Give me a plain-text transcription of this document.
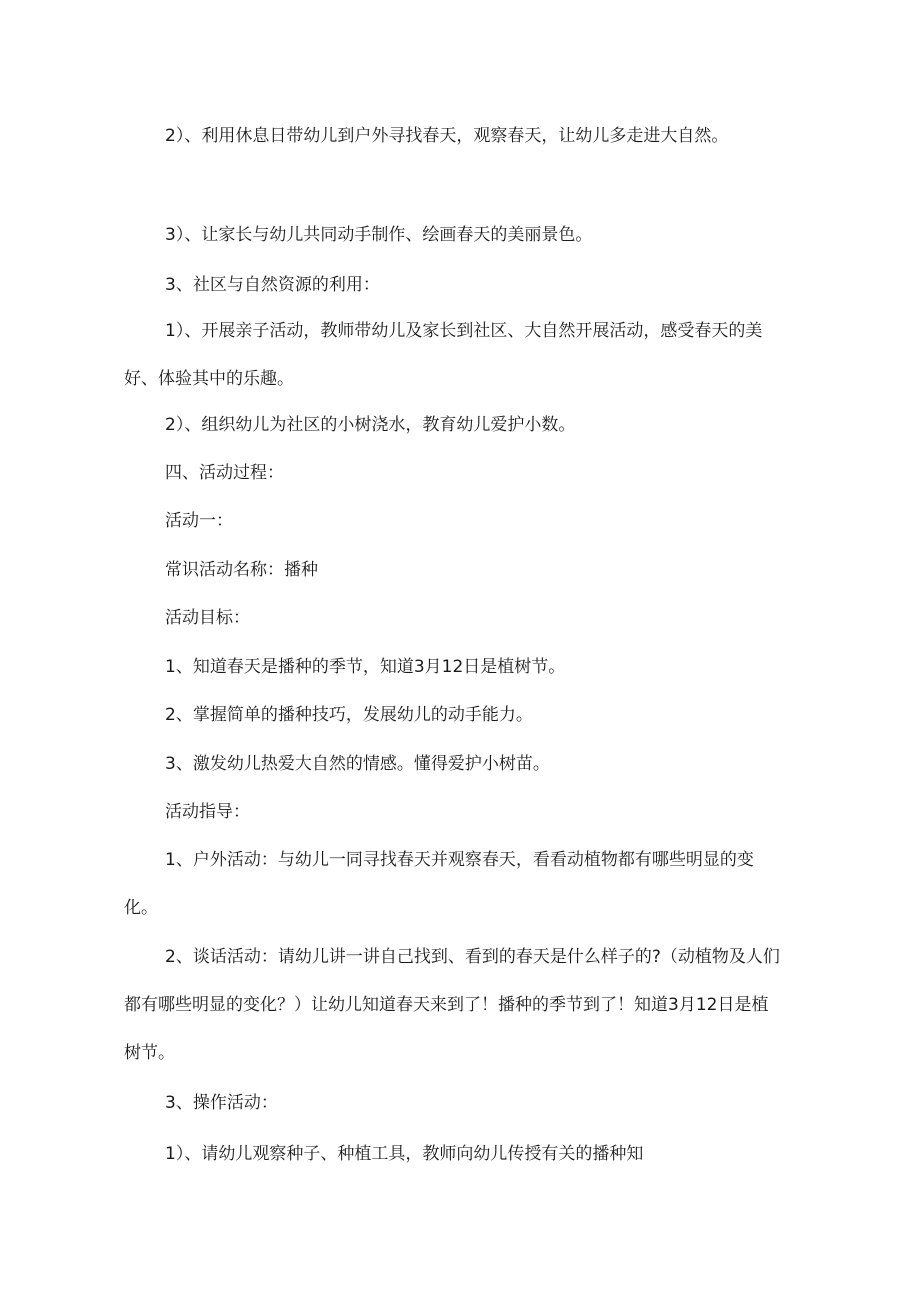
2）、利用休息日带幼儿到户外寻找春天，观察春天，让幼儿多走进大自然。

3）、让家长与幼儿共同动手制作、绘画春天的美丽景色。

3、社区与自然资源的利用：

1）、开展亲子活动，教师带幼儿及家长到社区、大自然开展活动，感受春天的美好、体验其中的乐趣。

2）、组织幼儿为社区的小树浇水，教育幼儿爱护小数。

四、活动过程：

活动一：

常识活动名称：播种

活动目标：

1、知道春天是播种的季节，知道3月12日是植树节。

2、掌握简单的播种技巧，发展幼儿的动手能力。

3、激发幼儿热爱大自然的情感。懂得爱护小树苗。

活动指导：

1、户外活动：与幼儿一同寻找春天并观察春天，看看动植物都有哪些明显的变化。

2、谈话活动：请幼儿讲一讲自己找到、看到的春天是什么样子的?（动植物及人们都有哪些明显的变化？）让幼儿知道春天来到了！播种的季节到了！知道3月12日是植树节。

3、操作活动：

1）、请幼儿观察种子、种植工具，教师向幼儿传授有关的播种知
